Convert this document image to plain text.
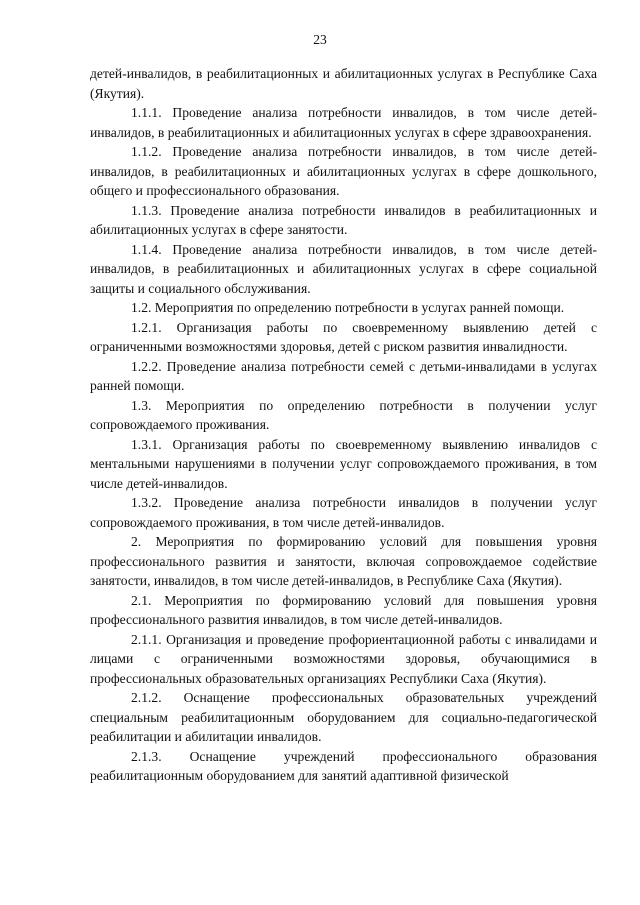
23

детей-инвалидов, в реабилитационных и абилитационных услугах в Республике Саха (Якутия).

1.1.1. Проведение анализа потребности инвалидов, в том числе детей-инвалидов, в реабилитационных и абилитационных услугах в сфере здравоохранения.

1.1.2. Проведение анализа потребности инвалидов, в том числе детей-инвалидов, в реабилитационных и абилитационных услугах в сфере дошкольного, общего и профессионального образования.

1.1.3. Проведение анализа потребности инвалидов в реабилитационных и абилитационных услугах в сфере занятости.

1.1.4. Проведение анализа потребности инвалидов, в том числе детей-инвалидов, в реабилитационных и абилитационных услугах в сфере социальной защиты и социального обслуживания.

1.2. Мероприятия по определению потребности в услугах ранней помощи.

1.2.1. Организация работы по своевременному выявлению детей с ограниченными возможностями здоровья, детей с риском развития инвалидности.

1.2.2. Проведение анализа потребности семей с детьми-инвалидами в услугах ранней помощи.

1.3. Мероприятия по определению потребности в получении услуг сопровождаемого проживания.

1.3.1. Организация работы по своевременному выявлению инвалидов с ментальными нарушениями в получении услуг сопровождаемого проживания, в том числе детей-инвалидов.

1.3.2. Проведение анализа потребности инвалидов в получении услуг сопровождаемого проживания, в том числе детей-инвалидов.

2. Мероприятия по формированию условий для повышения уровня профессионального развития и занятости, включая сопровождаемое содействие занятости, инвалидов, в том числе детей-инвалидов, в Республике Саха (Якутия).

2.1. Мероприятия по формированию условий для повышения уровня профессионального развития инвалидов, в том числе детей-инвалидов.

2.1.1. Организация и проведение профориентационной работы с инвалидами и лицами с ограниченными возможностями здоровья, обучающимися в профессиональных образовательных организациях Республики Саха (Якутия).

2.1.2. Оснащение профессиональных образовательных учреждений специальным реабилитационным оборудованием для социально-педагогической реабилитации и абилитации инвалидов.

2.1.3. Оснащение учреждений профессионального образования реабилитационным оборудованием для занятий адаптивной физической
